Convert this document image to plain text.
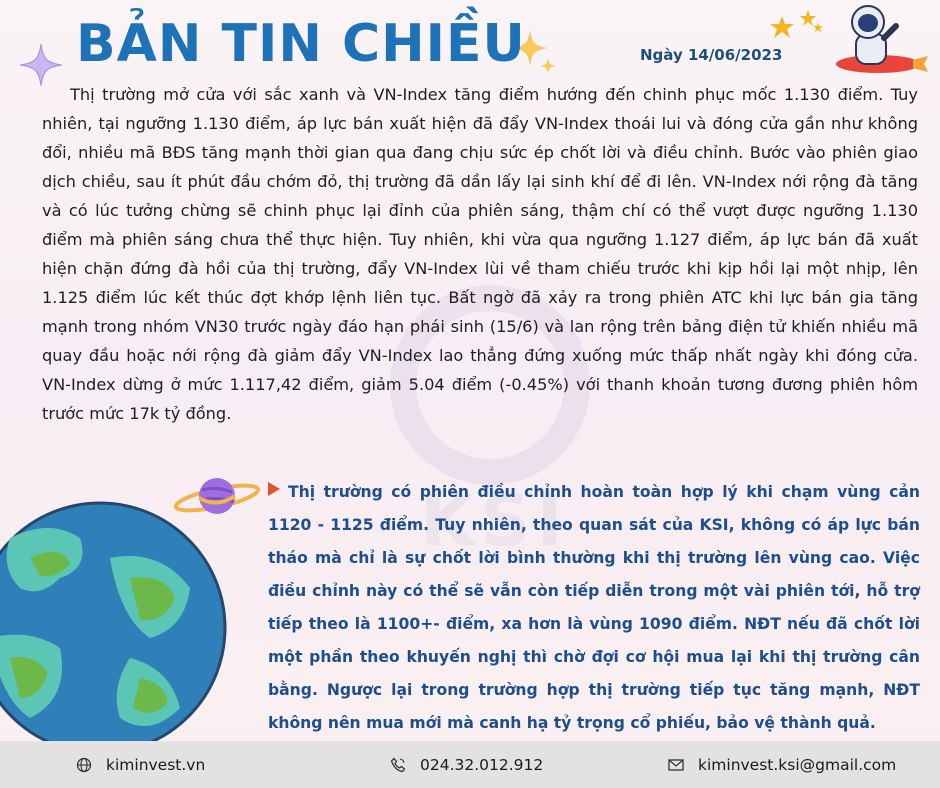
KSI
BẢN TIN CHIỀU	Ngày 14/06/2023

Thị trường mở cửa với sắc xanh và VN-Index tăng điểm hướng đến chinh phục mốc 1.130 điểm. Tuy nhiên, tại ngưỡng 1.130 điểm, áp lực bán xuất hiện đã đẩy VN-Index thoái lui và đóng cửa gần như không đổi, nhiều mã BĐS tăng mạnh thời gian qua đang chịu sức ép chốt lời và điều chỉnh. Bước vào phiên giao dịch chiều, sau ít phút đầu chớm đỏ, thị trường đã dần lấy lại sinh khí để đi lên. VN-Index nới rộng đà tăng và có lúc tưởng chừng sẽ chinh phục lại đỉnh của phiên sáng, thậm chí có thể vượt được ngưỡng 1.130 điểm mà phiên sáng chưa thể thực hiện. Tuy nhiên, khi vừa qua ngưỡng 1.127 điểm, áp lực bán đã xuất hiện chặn đứng đà hồi của thị trường, đẩy VN-Index lùi về tham chiếu trước khi kịp hồi lại một nhịp, lên 1.125 điểm lúc kết thúc đợt khớp lệnh liên tục. Bất ngờ đã xảy ra trong phiên ATC khi lực bán gia tăng mạnh trong nhóm VN30 trước ngày đáo hạn phái sinh (15/6) và lan rộng trên bảng điện tử khiến nhiều mã quay đầu hoặc nới rộng đà giảm đẩy VN-Index lao thẳng đứng xuống mức thấp nhất ngày khi đóng cửa. VN-Index dừng ở mức 1.117,42 điểm, giảm 5.04 điểm (-0.45%) với thanh khoản tương đương phiên hôm trước mức 17k tỷ đồng.

Thị trường có phiên điều chỉnh hoàn toàn hợp lý khi chạm vùng cản 1120 - 1125 điểm. Tuy nhiên, theo quan sát của KSI, không có áp lực bán tháo mà chỉ là sự chốt lời bình thường khi thị trường lên vùng cao. Việc điều chỉnh này có thể sẽ vẫn còn tiếp diễn trong một vài phiên tới, hỗ trợ tiếp theo là 1100+- điểm, xa hơn là vùng 1090 điểm. NĐT nếu đã chốt lời một phần theo khuyến nghị thì chờ đợi cơ hội mua lại khi thị trường cân bằng. Ngược lại trong trường hợp thị trường tiếp tục tăng mạnh, NĐT không nên mua mới mà canh hạ tỷ trọng cổ phiếu, bảo vệ thành quả.

kiminvest.vn	024.32.012.912	kiminvest.ksi@gmail.com
